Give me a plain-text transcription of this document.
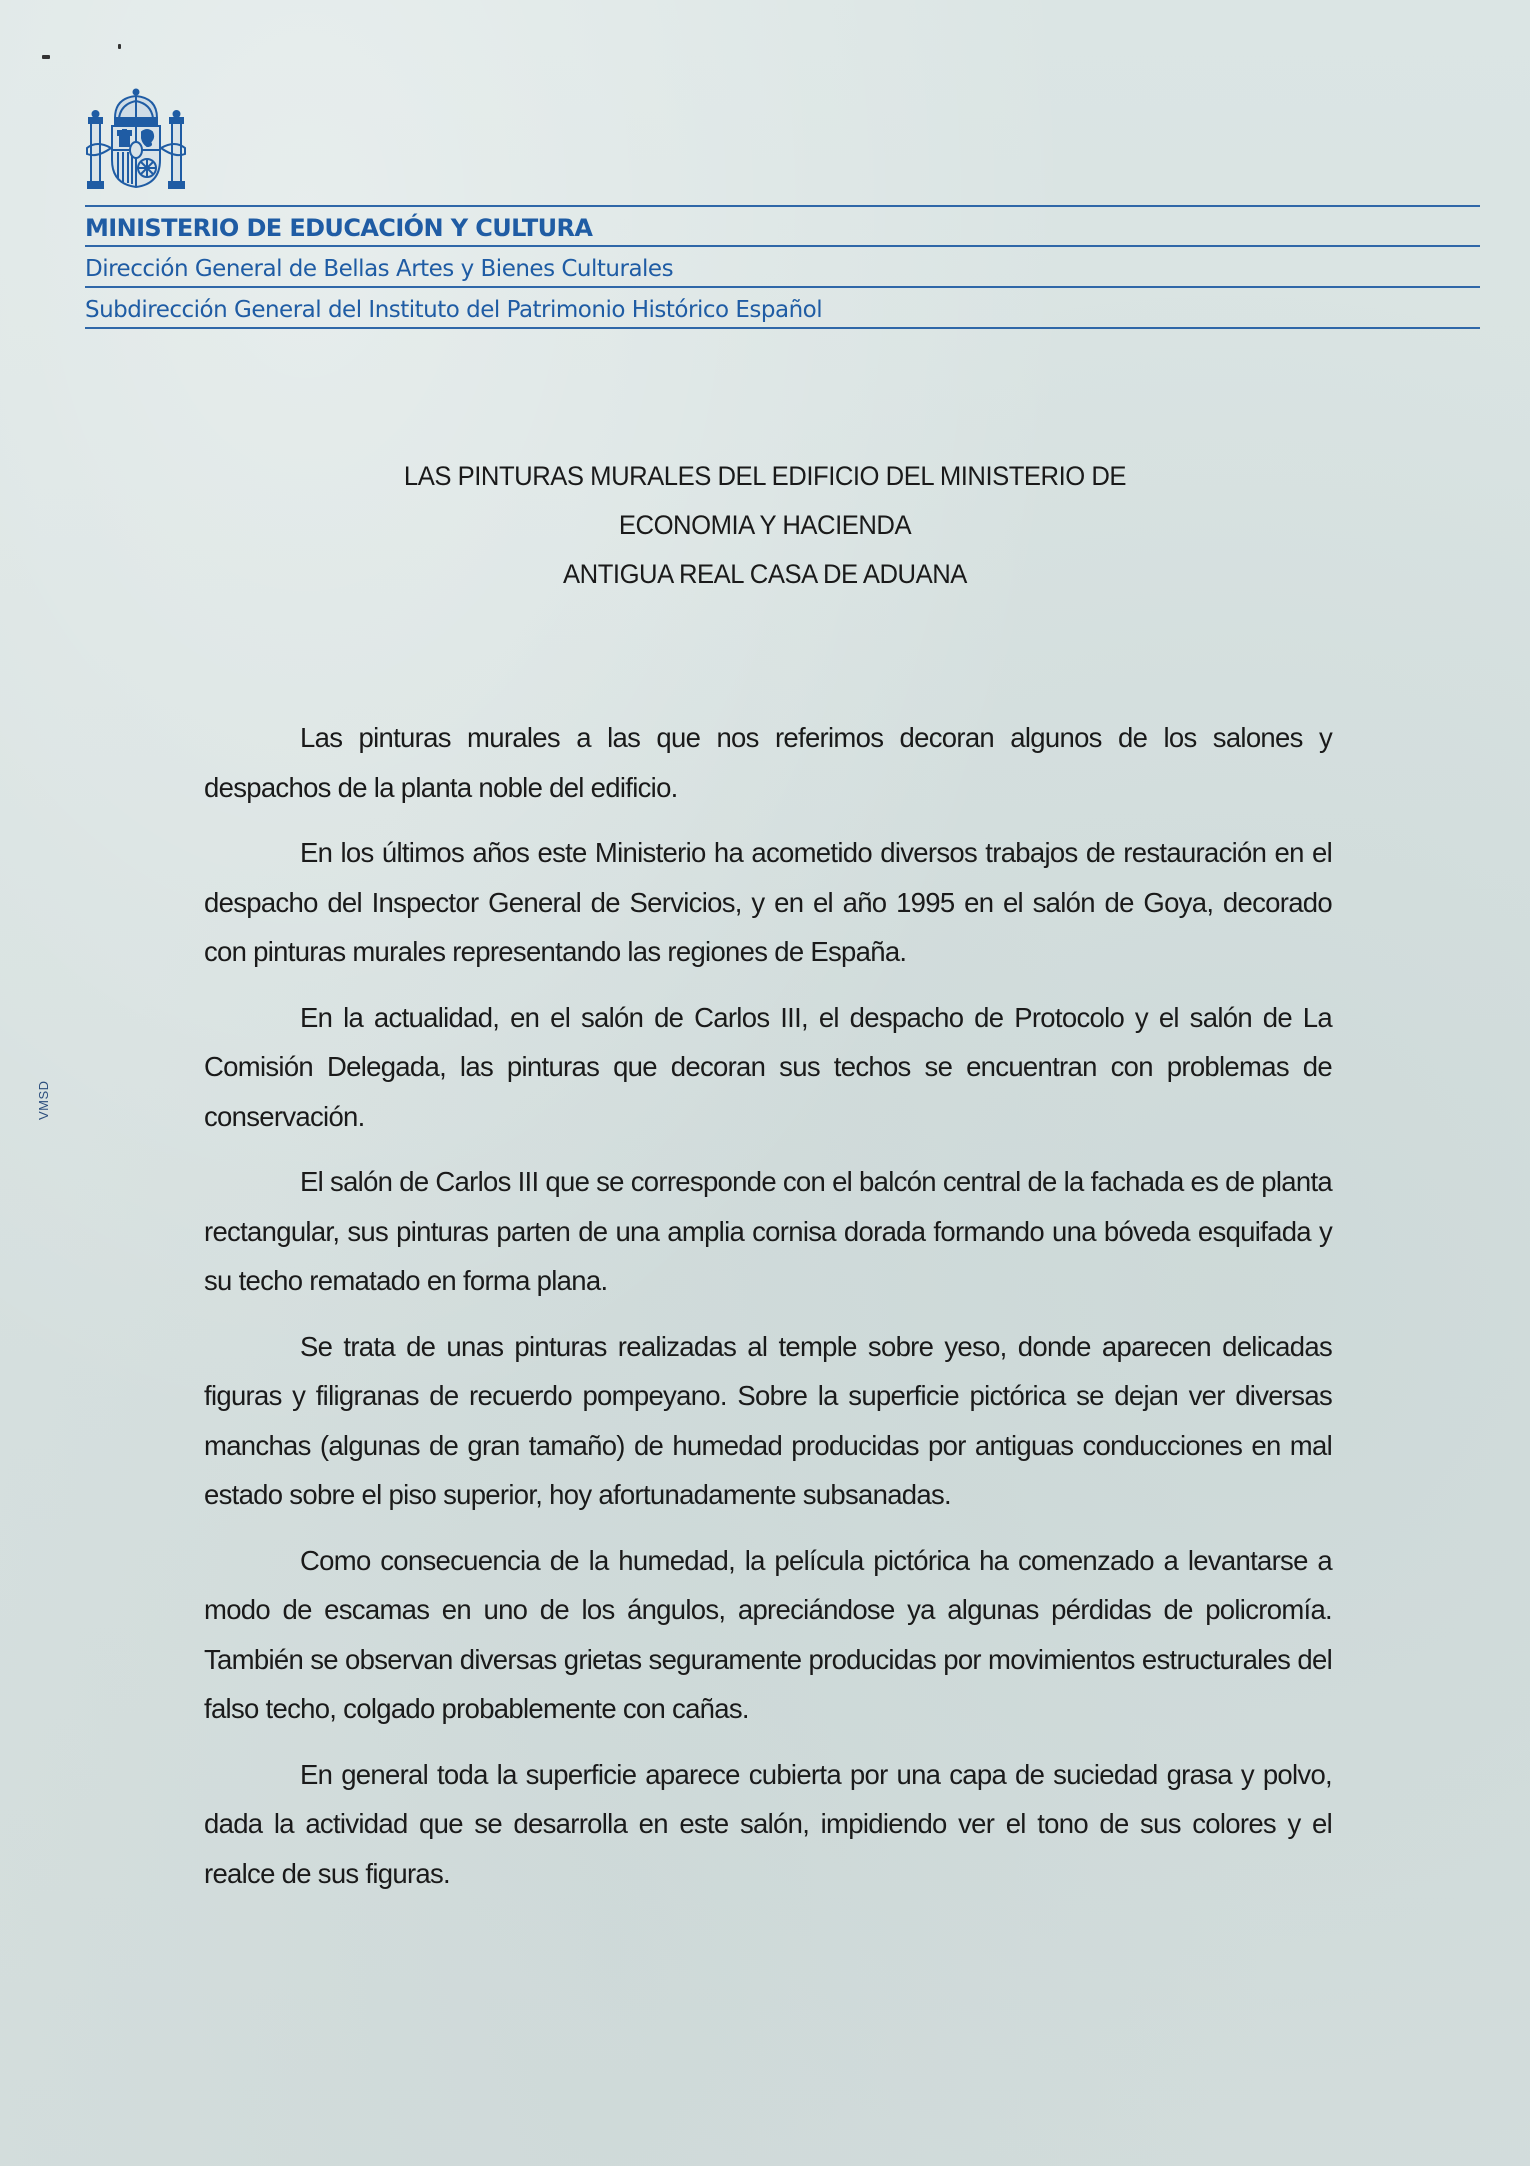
MINISTERIO DE EDUCACIÓN Y CULTURA
Dirección General de Bellas Artes y Bienes Culturales
Subdirección General del Instituto del Patrimonio Histórico Español
VMSD
LAS PINTURAS MURALES DEL EDIFICIO DEL MINISTERIO DE
ECONOMIA Y HACIENDA
ANTIGUA REAL CASA DE ADUANA

Las pinturas murales a las que nos referimos decoran algunos de los salones y despachos de la planta noble del edificio.

En los últimos años este Ministerio ha acometido diversos trabajos de restauración en el despacho del Inspector General de Servicios, y en el año 1995 en el salón de Goya, decorado con pinturas murales representando las regiones de España.

En la actualidad, en el salón de Carlos III, el despacho de Protocolo y el salón de La Comisión Delegada, las pinturas que decoran sus techos se encuentran con problemas de conservación.

El salón de Carlos III que se corresponde con el balcón central de la fachada es de planta rectangular, sus pinturas parten de una amplia cornisa dorada formando una bóveda esquifada y su techo rematado en forma plana.

Se trata de unas pinturas realizadas al temple sobre yeso, donde aparecen delicadas figuras y filigranas de recuerdo pompeyano. Sobre la superficie pictórica se dejan ver diversas manchas (algunas de gran tamaño) de humedad producidas por antiguas conducciones en mal estado sobre el piso superior, hoy afortunadamente subsanadas.

Como consecuencia de la humedad, la película pictórica ha comenzado a levantarse a modo de escamas en uno de los ángulos, apreciándose ya algunas pérdidas de policromía. También se observan diversas grietas seguramente producidas por movimientos estructurales del falso techo, colgado probablemente con cañas.

En general toda la superficie aparece cubierta por una capa de suciedad grasa y polvo, dada la actividad que se desarrolla en este salón, impidiendo ver el tono de sus colores y el realce de sus figuras.
